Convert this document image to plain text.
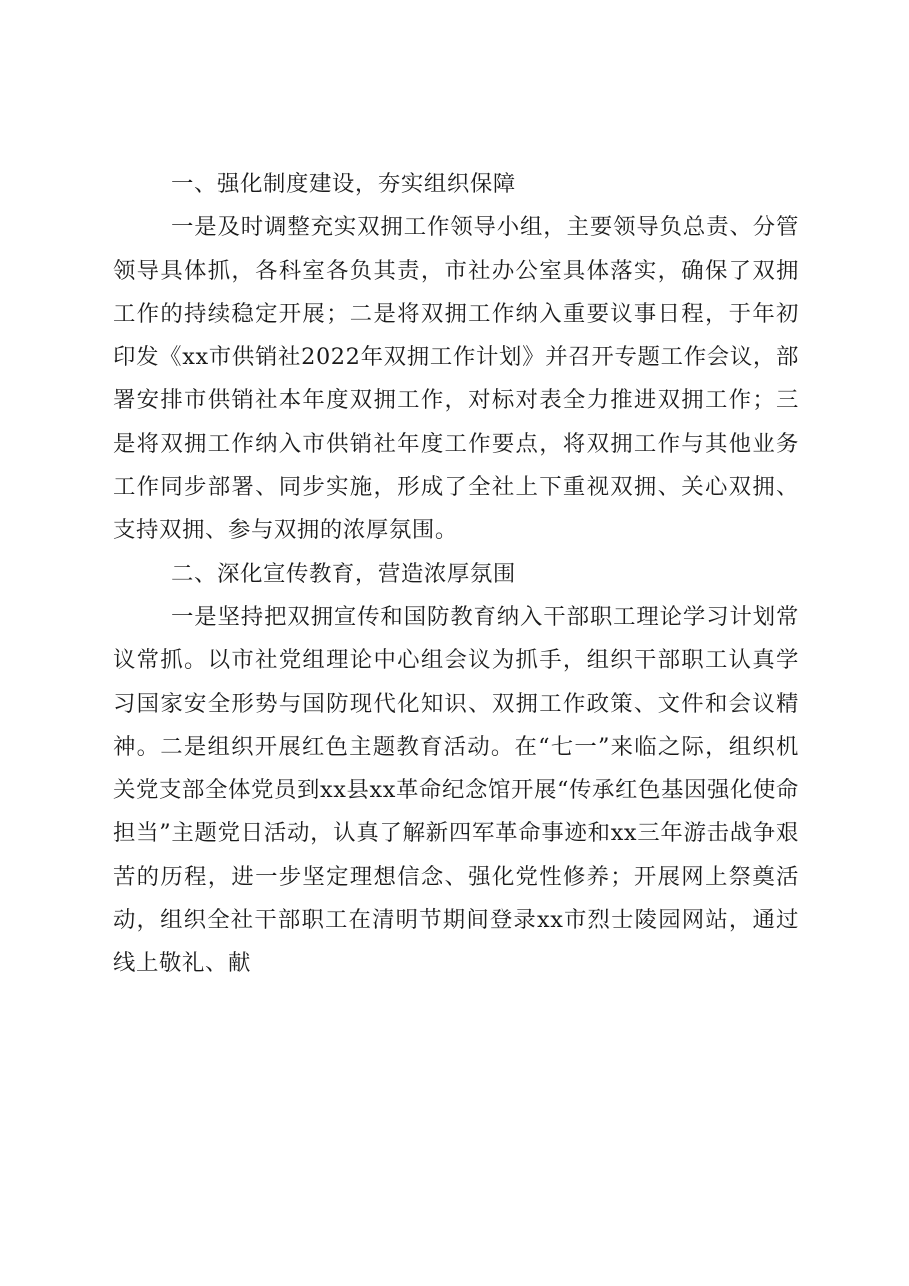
一、强化制度建设，夯实组织保障

一是及时调整充实双拥工作领导小组，主要领导负总责、分管领导具体抓，各科室各负其责，市社办公室具体落实，确保了双拥工作的持续稳定开展；二是将双拥工作纳入重要议事日程，于年初印发《xx市供销社2022年双拥工作计划》并召开专题工作会议，部署安排市供销社本年度双拥工作，对标对表全力推进双拥工作；三是将双拥工作纳入市供销社年度工作要点，将双拥工作与其他业务工作同步部署、同步实施，形成了全社上下重视双拥、关心双拥、支持双拥、参与双拥的浓厚氛围。

二、深化宣传教育，营造浓厚氛围

一是坚持把双拥宣传和国防教育纳入干部职工理论学习计划常议常抓。以市社党组理论中心组会议为抓手，组织干部职工认真学习国家安全形势与国防现代化知识、双拥工作政策、文件和会议精神。二是组织开展红色主题教育活动。在“七一”来临之际，组织机关党支部全体党员到xx县xx革命纪念馆开展“传承红色基因强化使命担当”主题党日活动，认真了解新四军革命事迹和xx三年游击战争艰苦的历程，进一步坚定理想信念、强化党性修养；开展网上祭奠活动，组织全社干部职工在清明节期间登录xx市烈士陵园网站，通过线上敬礼、献
